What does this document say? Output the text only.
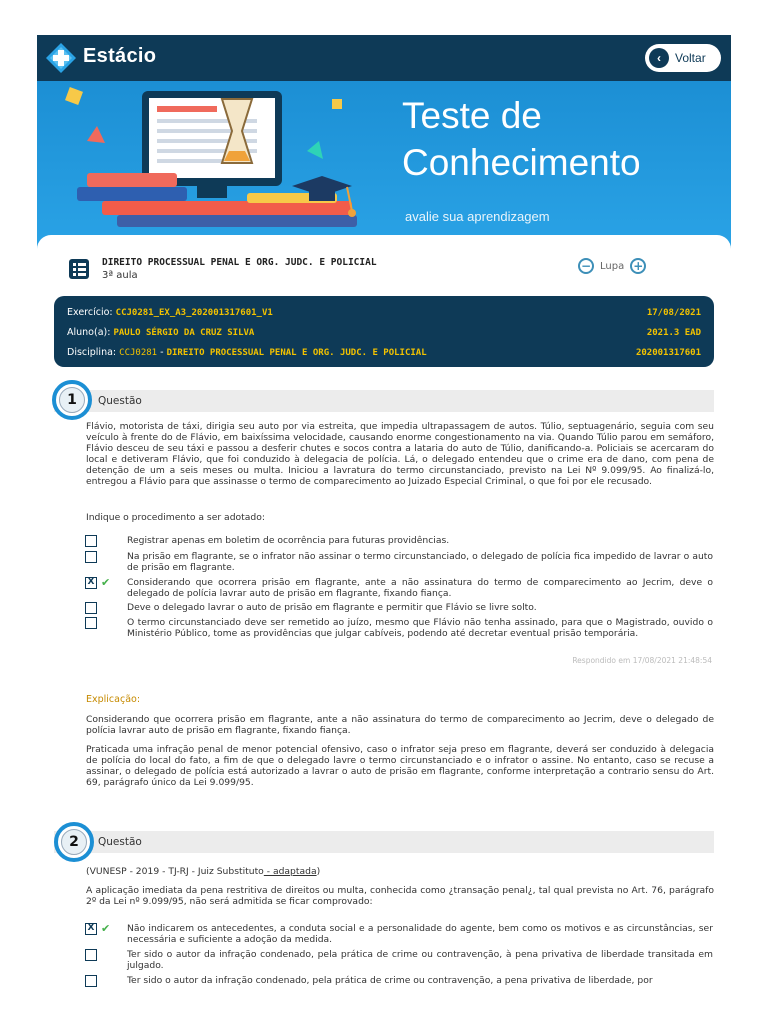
Estácio	‹	Voltar
Teste de
Conhecimento
avalie sua aprendizagem
DIREITO PROCESSUAL PENAL E ORG. JUDC. E POLICIAL
3ª aula
− Lupa +
Exercício: CCJ0281_EX_A3_202001317601_V1	17/08/2021
Aluno(a): PAULO SÉRGIO DA CRUZ SILVA	2021.3 EAD
Disciplina: CCJ0281 - DIREITO PROCESSUAL PENAL E ORG. JUDC. E POLICIAL	202001317601
Questão
1
Flávio, motorista de táxi, dirigia seu auto por via estreita, que impedia ultrapassagem de autos. Túlio, septuagenário, seguia com seu veículo à frente do de Flávio, em baixíssima velocidade, causando enorme congestionamento na via. Quando Túlio parou em semáforo, Flávio desceu de seu táxi e passou a desferir chutes e socos contra a lataria do auto de Túlio, danificando-a. Policiais se acercaram do local e detiveram Flávio, que foi conduzido à delegacia de polícia. Lá, o delegado entendeu que o crime era de dano, com pena de detenção de um a seis meses ou multa. Iniciou a lavratura do termo circunstanciado, previsto na Lei Nº 9.099/95. Ao finalizá-lo, entregou a Flávio para que assinasse o termo de comparecimento ao Juizado Especial Criminal, o que foi por ele recusado.
Indique o procedimento a ser adotado:
Registrar apenas em boletim de ocorrência para futuras providências.
Na prisão em flagrante, se o infrator não assinar o termo circunstanciado, o delegado de polícia fica impedido de lavrar o auto de prisão em flagrante.
X ✔ Considerando que ocorrera prisão em flagrante, ante a não assinatura do termo de comparecimento ao Jecrim, deve o delegado de polícia lavrar auto de prisão em flagrante, fixando fiança.
Deve o delegado lavrar o auto de prisão em flagrante e permitir que Flávio se livre solto.
O termo circunstanciado deve ser remetido ao juízo, mesmo que Flávio não tenha assinado, para que o Magistrado, ouvido o Ministério Público, tome as providências que julgar cabíveis, podendo até decretar eventual prisão temporária.
Respondido em 17/08/2021 21:48:54
Explicação:
Considerando que ocorrera prisão em flagrante, ante a não assinatura do termo de comparecimento ao Jecrim, deve o delegado de polícia lavrar auto de prisão em flagrante, fixando fiança.
Praticada uma infração penal de menor potencial ofensivo, caso o infrator seja preso em flagrante, deverá ser conduzido à delegacia de polícia do local do fato, a fim de que o delegado lavre o termo circunstanciado e o infrator o assine. No entanto, caso se recuse a assinar, o delegado de polícia está autorizado a lavrar o auto de prisão em flagrante, conforme interpretação a contrario sensu do Art. 69, parágrafo único da Lei 9.099/95.
Questão
2
(VUNESP - 2019 - TJ-RJ - Juiz Substituto - adaptada)
A aplicação imediata da pena restritiva de direitos ou multa, conhecida como ¿transação penal¿, tal qual prevista no Art. 76, parágrafo 2º da Lei nº 9.099/95, não será admitida se ficar comprovado:
X ✔ Não indicarem os antecedentes, a conduta social e a personalidade do agente, bem como os motivos e as circunstâncias, ser necessária e suficiente a adoção da medida.
Ter sido o autor da infração condenado, pela prática de crime ou contravenção, à pena privativa de liberdade transitada em julgado.
Ter sido o autor da infração condenado, pela prática de crime ou contravenção, a pena privativa de liberdade, por
